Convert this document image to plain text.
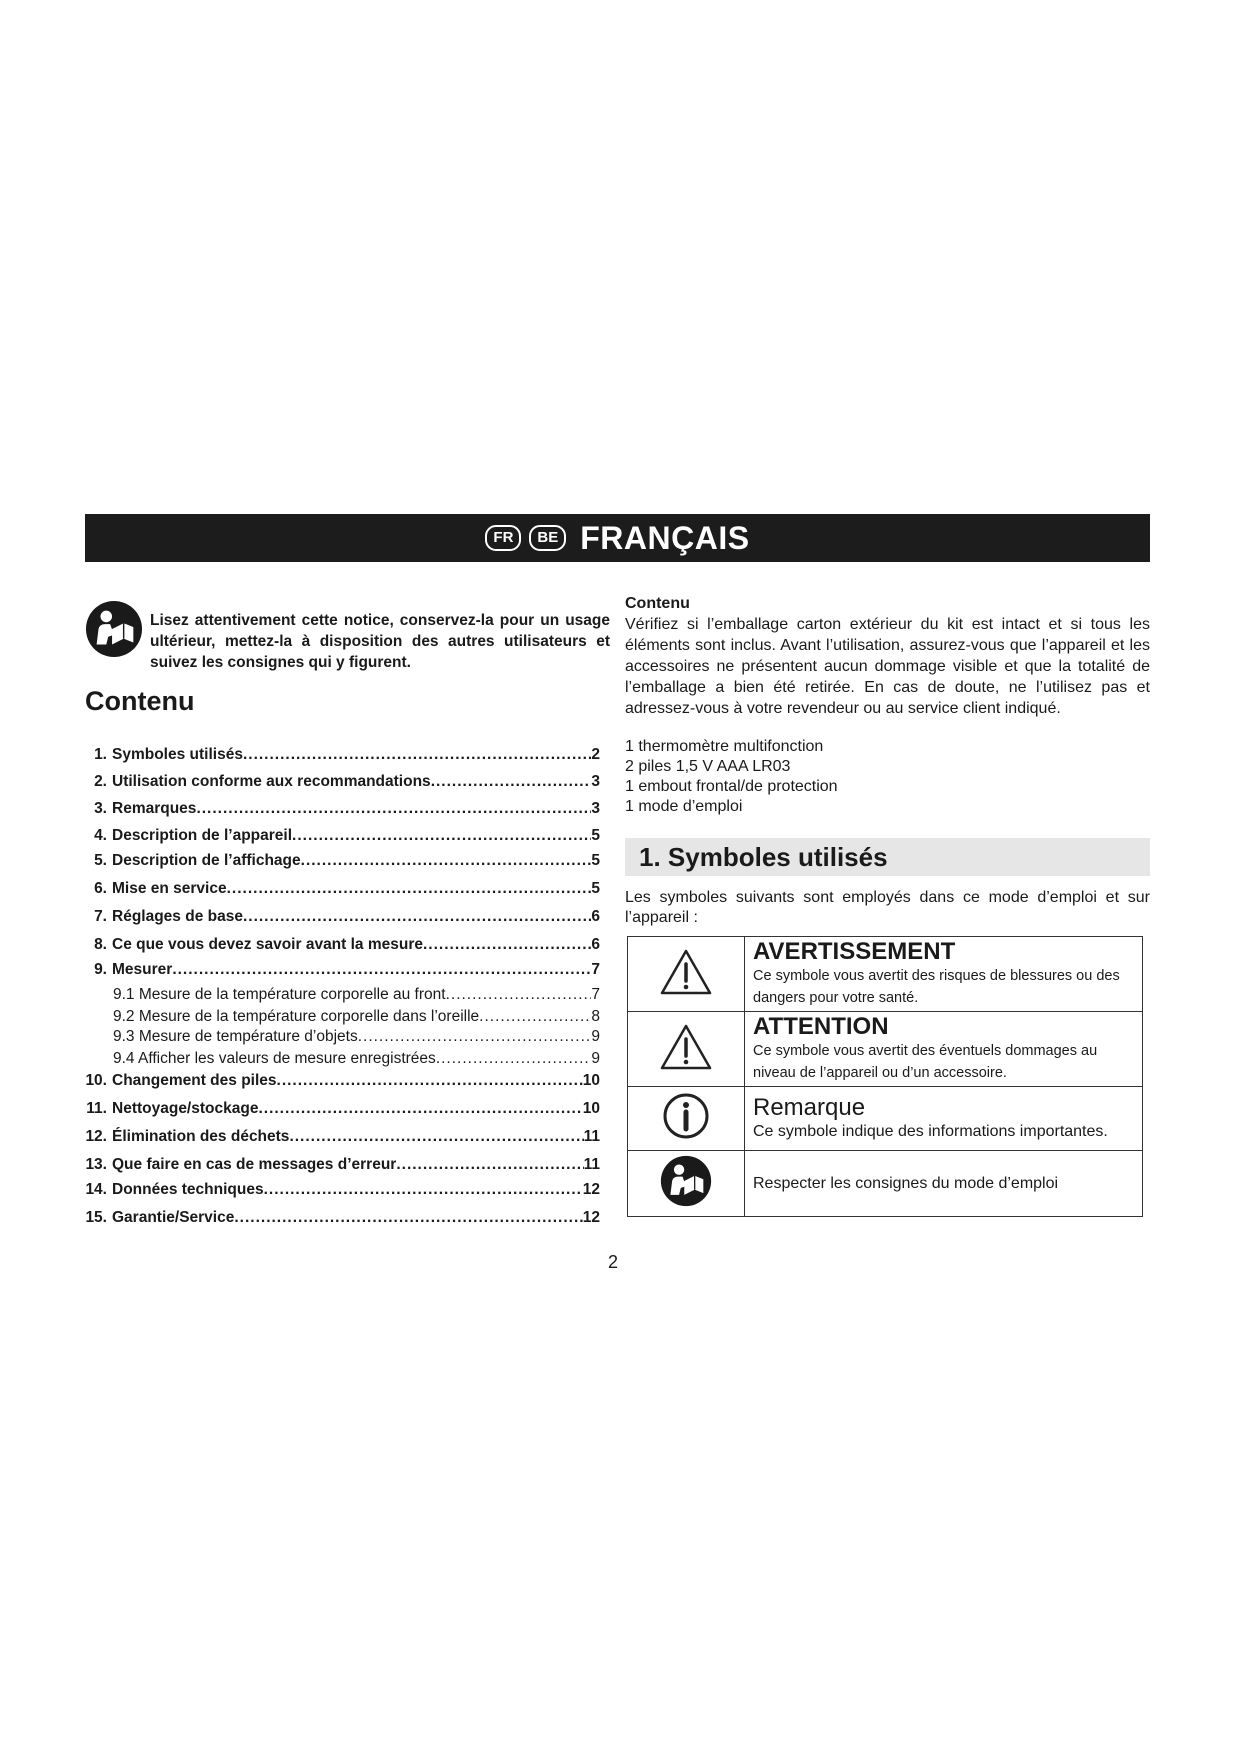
FR	BE FRANÇAIS

Lisez attentivement cette notice, conservez-la pour un usage ultérieur, mettez-la à disposition des autres utilisateurs et suivez les consignes qui y figurent.

Contenu
1. Symboles utilisés .....	2
2. Utilisation conforme aux recommandations .....	3
3. Remarques .....	3
4. Description de l’appareil .....	5
5. Description de l’affichage .....	5
6. Mise en service .....	5
7. Réglages de base .....	6
8. Ce que vous devez savoir avant la mesure .....	6
9. Mesurer .....	7
9.1 Mesure de la température corporelle au front .....	7
9.2 Mesure de la température corporelle dans l’oreille .....	8
9.3 Mesure de température d’objets .....	9
9.4 Afficher les valeurs de mesure enregistrées .....	9
10. Changement des piles .....	10
11. Nettoyage/stockage .....	10
12. Élimination des déchets .....	11
13. Que faire en cas de messages d’erreur .....	11
14. Données techniques .....	12
15. Garantie/Service .....	12

Contenu

Vérifiez si l’emballage carton extérieur du kit est intact et si tous les éléments sont inclus. Avant l’utilisation, assurez-vous que l’appareil et les accessoires ne présentent aucun dommage visible et que la totalité de l’emballage a bien été retirée. En cas de doute, ne l’utilisez pas et adressez-vous à votre revendeur ou au service client indiqué.

1 thermomètre multifonction
2 piles 1,5 V AAA LR03
1 embout frontal/de protection
1 mode d’emploi
1. Symboles utilisés

Les symboles suivants sont employés dans ce mode d’emploi et sur l’appareil :

AVERTISSEMENT
Ce symbole vous avertit des risques de blessures ou des dangers pour votre santé.

ATTENTION
Ce symbole vous avertit des éventuels dommages au niveau de l’appareil ou d’un accessoire.

Remarque
Ce symbole indique des informations importantes.

Respecter les consignes du mode d’emploi
2
